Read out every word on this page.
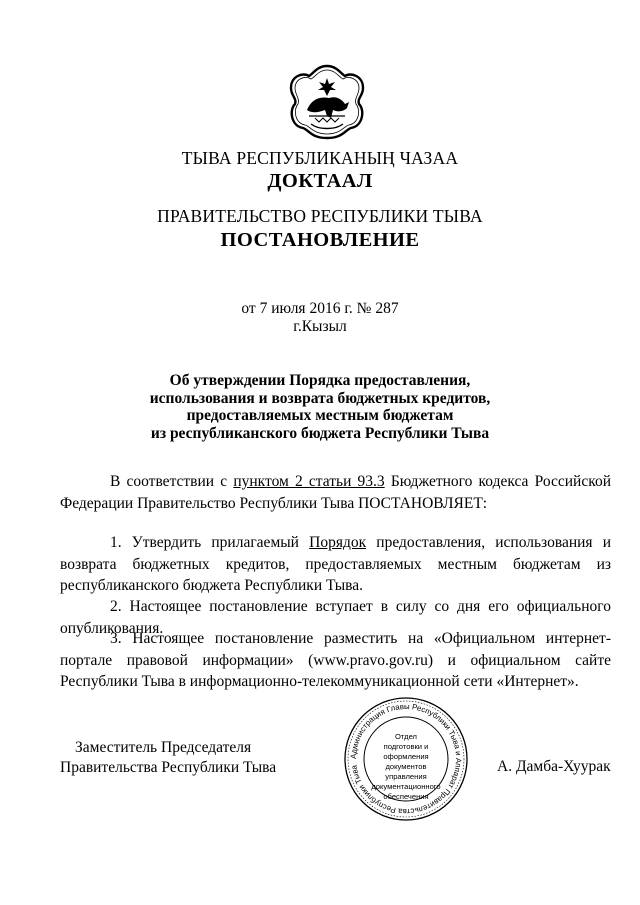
ТЫВА РЕСПУБЛИКАНЫҢ ЧАЗАА
ДОКТААЛ
ПРАВИТЕЛЬСТВО РЕСПУБЛИКИ ТЫВА
ПОСТАНОВЛЕНИЕ
от 7 июля 2016 г. № 287
г.Кызыл
Об утверждении Порядка предоставления,
использования и возврата бюджетных кредитов,
предоставляемых местным бюджетам
из республиканского бюджета Республики Тыва
В соответствии с пунктом 2 статьи 93.3 Бюджетного кодекса Российской Федерации Правительство Республики Тыва ПОСТАНОВЛЯЕТ:
1. Утвердить прилагаемый Порядок предоставления, использования и возврата бюджетных кредитов, предоставляемых местным бюджетам из республиканского бюджета Республики Тыва.
2. Настоящее постановление вступает в силу со дня его официального опубликования.
3. Настоящее постановление разместить на «Официальном интернет-портале правовой информации» (www.pravo.gov.ru) и официальном сайте Республики Тыва в информационно-телекоммуникационной сети «Интернет».
Администрация Главы Республики Тыва и Аппарат Правительства Республики Тыва
Отдел
подготовки и
оформления документов
управления
документационного
обеспечения
Заместитель Председателя
Правительства Республики Тыва	А. Дамба-Хуурак
